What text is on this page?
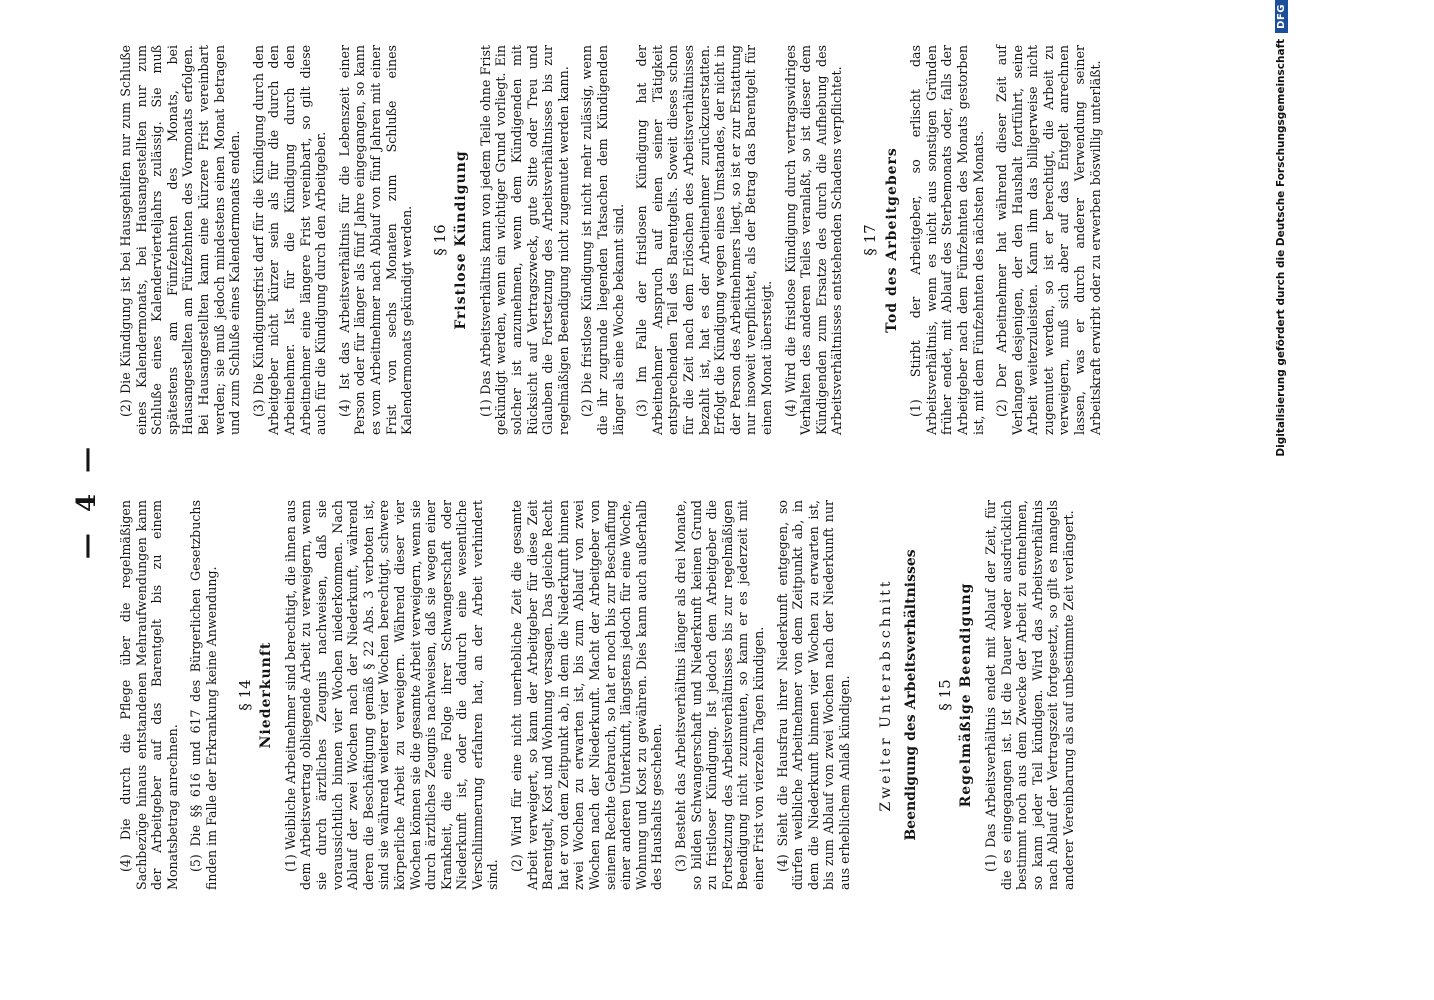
— 4 —	(4) Die durch die Pflege über die regelmäßigen Sachbezüge hinaus entstandenen Mehraufwendungen kann der Arbeitgeber auf das Barentgelt bis zu einem Monatsbetrag anrechnen. (5) Die §§ 616 und 617 des Bürgerlichen Gesetzbuchs finden im Falle der Erkrankung keine Anwendung. § 14 Niederkunft (1) Weibliche Arbeitnehmer sind berechtigt, die ihnen aus dem Arbeitsvertrag obliegende Arbeit zu verweigern, wenn sie durch ärztliches Zeugnis nachweisen, daß sie voraussichtlich binnen vier Wochen niederkommen. Nach Ablauf der zwei Wochen nach der Niederkunft, während deren die Beschäftigung gemäß § 22 Abs. 3 verboten ist, sind sie während weiterer vier Wochen berechtigt, schwere körperliche Arbeit zu verweigern. Während dieser vier Wochen können sie die gesamte Arbeit verweigern, wenn sie durch ärztliches Zeugnis nachweisen, daß sie wegen einer Krankheit, die eine Folge ihrer Schwangerschaft oder Niederkunft ist, oder die dadurch eine wesentliche Verschlimmerung erfahren hat, an der Arbeit verhindert sind.

(2) Wird für eine nicht unerhebliche Zeit die gesamte Arbeit verweigert, so kann der Arbeitgeber für diese Zeit Barentgelt, Kost und Wohnung versagen. Das gleiche Recht hat er von dem Zeitpunkt ab, in dem die Niederkunft binnen zwei Wochen zu erwarten ist, bis zum Ablauf von zwei Wochen nach der Niederkunft. Macht der Arbeitgeber von seinem Rechte Gebrauch, so hat er noch bis zur Beschaffung einer anderen Unterkunft, längstens jedoch für eine Woche, Wohnung und Kost zu gewähren. Dies kann auch außerhalb des Haushalts geschehen. (3) Besteht das Arbeitsverhältnis länger als drei Monate, so bilden Schwangerschaft und Niederkunft keinen Grund zu fristloser Kündigung. Ist jedoch dem Arbeitgeber die Fortsetzung des Arbeitsverhältnisses bis zur regelmäßigen Beendigung nicht zuzumuten, so kann er es jederzeit mit einer Frist von vierzehn Tagen kündigen. (4) Sieht die Hausfrau ihrer Niederkunft entgegen, so dürfen weibliche Arbeitnehmer von dem Zeitpunkt ab, in dem die Niederkunft binnen vier Wochen zu erwarten ist, bis zum Ablauf von zwei Wochen nach der Niederkunft nur aus erheblichem Anlaß kündigen. Zweiter Unterabschnitt Beendigung des Arbeitsverhältnisses § 15 Regelmäßige Beendigung (1) Das Arbeitsverhältnis endet mit Ablauf der Zeit, für die es eingegangen ist. Ist die Dauer weder ausdrücklich bestimmt noch aus dem Zwecke der Arbeit zu entnehmen, so kann jeder Teil kündigen. Wird das Arbeitsverhältnis nach Ablauf der Vertragszeit fortgesetzt, so gilt es mangels anderer Vereinbarung als auf unbestimmte Zeit verlängert.

(2) Die Kündigung ist bei Hausgehilfen nur zum Schluße eines Kalendermonats, bei Hausangestellten nur zum Schluße eines Kalendervierteljahrs zulässig. Sie muß spätestens am Fünfzehnten des Monats, bei Hausangestellten am Fünfzehnten des Vormonats erfolgen. Bei Hausangestellten kann eine kürzere Frist vereinbart werden; sie muß jedoch mindestens einen Monat betragen und zum Schluße eines Kalendermonats enden. (3) Die Kündigungsfrist darf für die Kündigung durch den Arbeitgeber nicht kürzer sein als für die durch den Arbeitnehmer. Ist für die Kündigung durch den Arbeitnehmer eine längere Frist vereinbart, so gilt diese auch für die Kündigung durch den Arbeitgeber. (4) Ist das Arbeitsverhältnis für die Lebenszeit einer Person oder für länger als fünf Jahre eingegangen, so kann es vom Arbeitnehmer nach Ablauf von fünf Jahren mit einer Frist von sechs Monaten zum Schluße eines Kalendermonats gekündigt werden. § 16 Fristlose Kündigung (1) Das Arbeitsverhältnis kann von jedem Teile ohne Frist gekündigt werden, wenn ein wichtiger Grund vorliegt. Ein solcher ist anzunehmen, wenn dem Kündigenden mit Rücksicht auf Vertragszweck, gute Sitte oder Treu und Glauben die Fortsetzung des Arbeitsverhältnisses bis zur regelmäßigen Beendigung nicht zugemutet werden kann. (2) Die fristlose Kündigung ist nicht mehr zulässig, wenn die ihr zugrunde liegenden Tatsachen dem Kündigenden länger als eine Woche bekannt sind. (3) Im Falle der fristlosen Kündigung hat der Arbeitnehmer Anspruch auf einen seiner Tätigkeit entsprechenden Teil des Barentgelts. Soweit dieses schon für die Zeit nach dem Erlöschen des Arbeitsverhältnisses bezahlt ist, hat es der Arbeitnehmer zurückzuerstatten. Erfolgt die Kündigung wegen eines Umstandes, der nicht in der Person des Arbeitnehmers liegt, so ist er zur Erstattung nur insoweit verpflichtet, als der Betrag das Barentgelt für einen Monat übersteigt. (4) Wird die fristlose Kündigung durch vertragswidriges Verhalten des anderen Teiles veranlaßt, so ist dieser dem Kündigenden zum Ersatze des durch die Aufhebung des Arbeitsverhältnisses entstehenden Schadens verpflichtet. § 17 Tod des Arbeitgebers (1) Stirbt der Arbeitgeber, so erlischt das Arbeitsverhältnis, wenn es nicht aus sonstigen Gründen früher endet, mit Ablauf des Sterbemonats oder, falls der Arbeitgeber nach dem Fünfzehnten des Monats gestorben ist, mit dem Fünfzehnten des nächsten Monats. (2) Der Arbeitnehmer hat während dieser Zeit auf Verlangen desjenigen, der den Haushalt fortführt, seine Arbeit weiterzuleisten. Kann ihm das billigerweise nicht zugemutet werden, so ist er berechtigt, die Arbeit zu verweigern, muß sich aber auf das Entgelt anrechnen lassen, was er durch anderer Verwendung seiner Arbeitskraft erwirbt oder zu erwerben böswillig unterläßt.	Digitalisierung gefördert durch die Deutsche Forschungsgemeinschaft
DFG
